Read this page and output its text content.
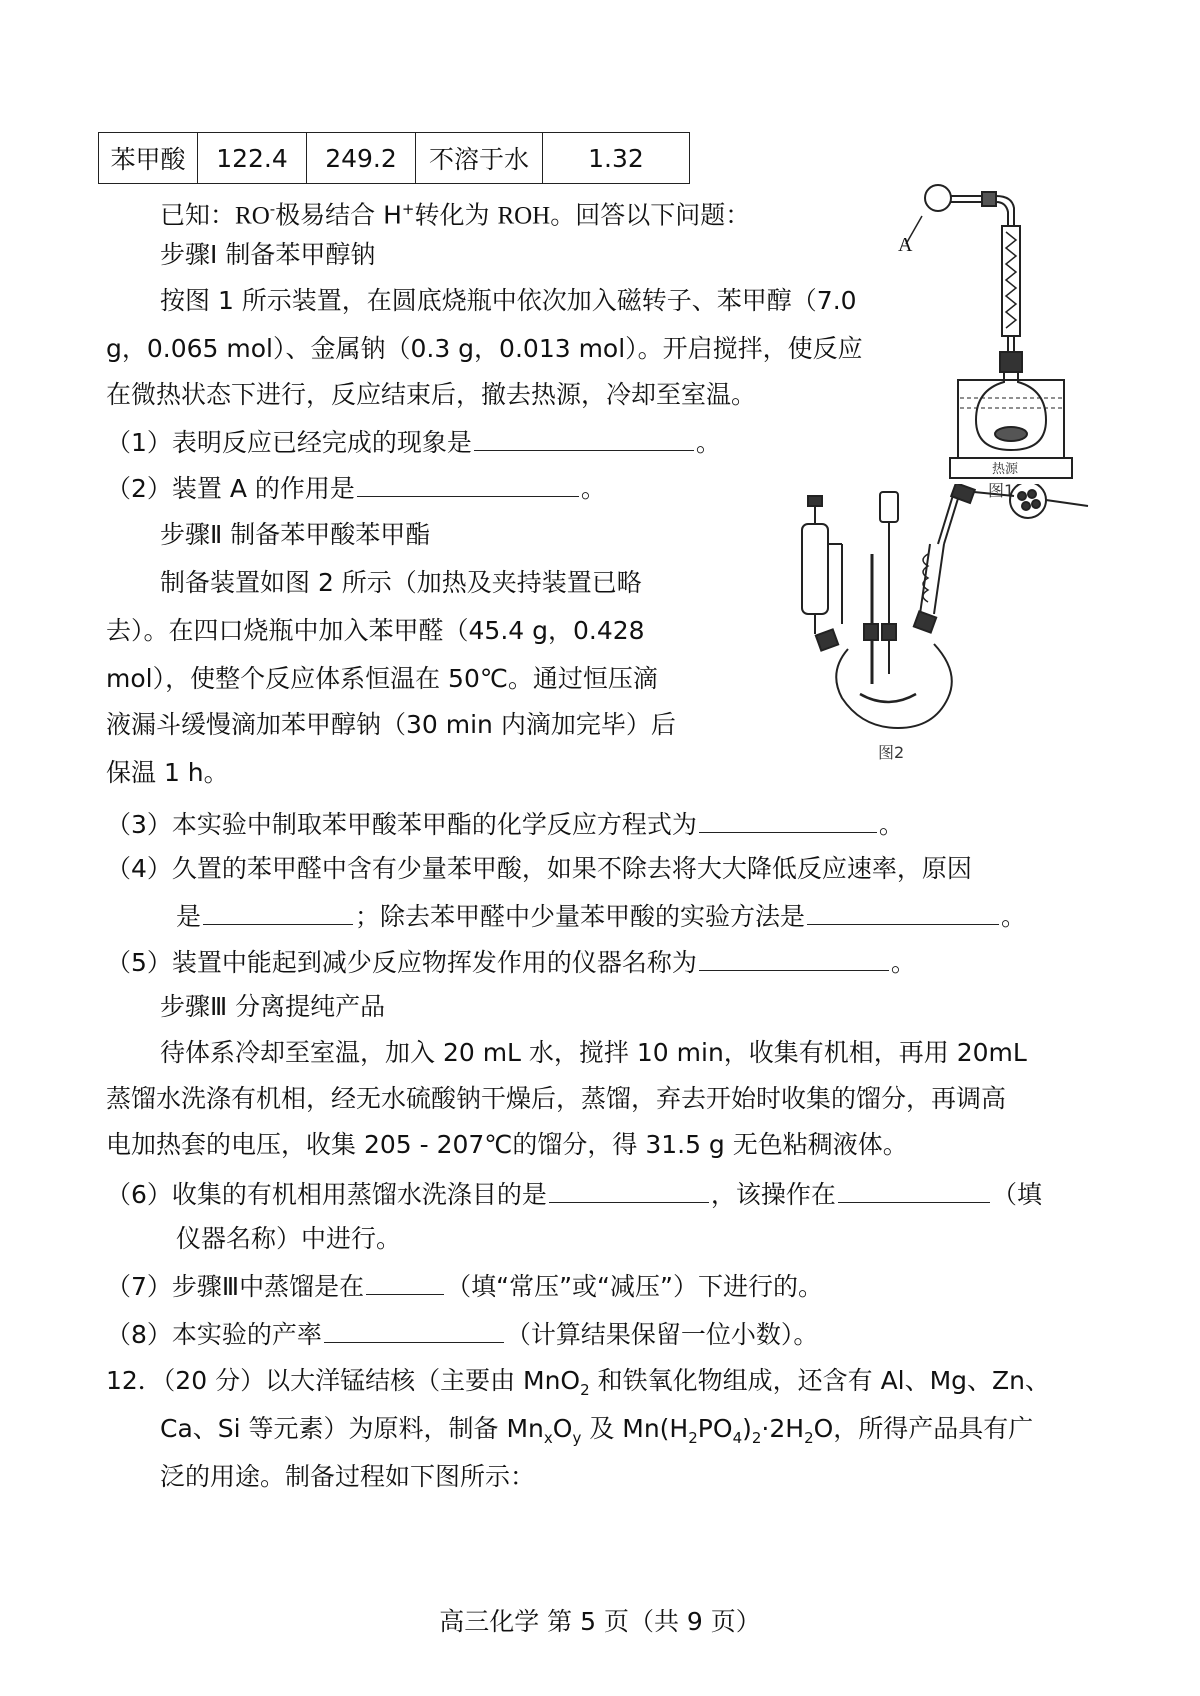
苯甲酸	122.4	249.2	不溶于水	1.32
已知：RO-极易结合 H+转化为 ROH。回答以下问题：
步骤Ⅰ 制备苯甲醇钠
按图 1 所示装置，在圆底烧瓶中依次加入磁转子、苯甲醇（7.0
g，0.065 mol）、金属钠（0.3 g，0.013 mol）。开启搅拌，使反应
在微热状态下进行，反应结束后，撤去热源，冷却至室温。
（1）表明反应已经完成的现象是	。
（2）装置 A 的作用是	。
步骤Ⅱ 制备苯甲酸苯甲酯
制备装置如图 2 所示（加热及夹持装置已略
去）。在四口烧瓶中加入苯甲醛（45.4 g，0.428
mol），使整个反应体系恒温在 50℃。通过恒压滴
液漏斗缓慢滴加苯甲醇钠（30 min 内滴加完毕）后
保温 1 h。
（3）本实验中制取苯甲酸苯甲酯的化学反应方程式为	。
（4）久置的苯甲醛中含有少量苯甲酸，如果不除去将大大降低反应速率，原因
是	；除去苯甲醛中少量苯甲酸的实验方法是	。
（5）装置中能起到减少反应物挥发作用的仪器名称为	。
步骤Ⅲ 分离提纯产品
待体系冷却至室温，加入 20 mL 水，搅拌 10 min，收集有机相，再用 20mL
蒸馏水洗涤有机相，经无水硫酸钠干燥后，蒸馏，弃去开始时收集的馏分，再调高
电加热套的电压，收集 205 - 207℃的馏分，得 31.5 g 无色粘稠液体。
（6）收集的有机相用蒸馏水洗涤目的是	，该操作在	（填
仪器名称）中进行。
（7）步骤Ⅲ中蒸馏是在	（填“常压”或“减压”）下进行的。
（8）本实验的产率	（计算结果保留一位小数）。
12．（20 分）以大洋锰结核（主要由 MnO$_2$ 和铁氧化物组成，还含有 Al、Mg、Zn、
Ca、Si 等元素）为原料，制备 $Mn_xO_y$ 及 $Mn(H_2PO_4)_2\cdot 2H_2O$，所得产品具有广
泛的用途。制备过程如下图所示：
A
热源
图1
图2
高三化学 第 5 页（共 9 页）
